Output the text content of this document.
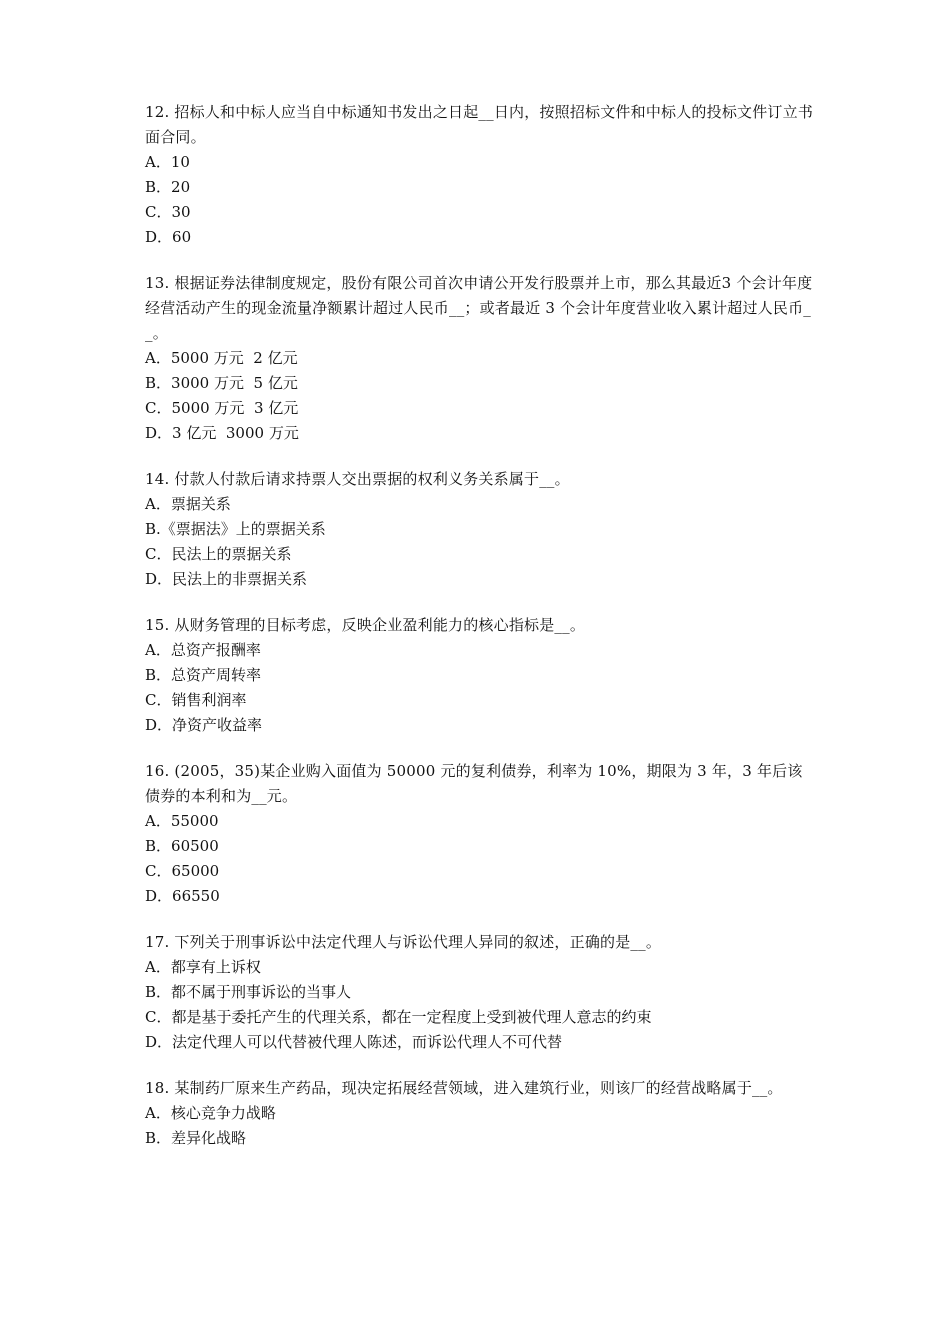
12. 招标人和中标人应当自中标通知书发出之日起__日内，按照招标文件和中标人的投标文件订立书面合同。

A．10
B．20
C．30
D．60

13. 根据证券法律制度规定，股份有限公司首次申请公开发行股票并上市，那么其最近3 个会计年度经营活动产生的现金流量净额累计超过人民币__；或者最近 3 个会计年度营业收入累计超过人民币__。

A．5000 万元  2 亿元
B．3000 万元  5 亿元
C．5000 万元  3 亿元
D．3 亿元  3000 万元

14. 付款人付款后请求持票人交出票据的权利义务关系属于__。

A．票据关系
B.《票据法》上的票据关系
C．民法上的票据关系
D．民法上的非票据关系

15. 从财务管理的目标考虑，反映企业盈利能力的核心指标是__。

A．总资产报酬率
B．总资产周转率
C．销售利润率
D．净资产收益率

16. (2005，35)某企业购入面值为 50000 元的复利债券，利率为 10%，期限为 3 年，3 年后该债券的本利和为__元。

A．55000
B．60500
C．65000
D．66550

17. 下列关于刑事诉讼中法定代理人与诉讼代理人异同的叙述，正确的是__。

A．都享有上诉权
B．都不属于刑事诉讼的当事人
C．都是基于委托产生的代理关系，都在一定程度上受到被代理人意志的约束
D．法定代理人可以代替被代理人陈述，而诉讼代理人不可代替

18. 某制药厂原来生产药品，现决定拓展经营领域，进入建筑行业，则该厂的经营战略属于__。

A．核心竞争力战略
B．差异化战略
